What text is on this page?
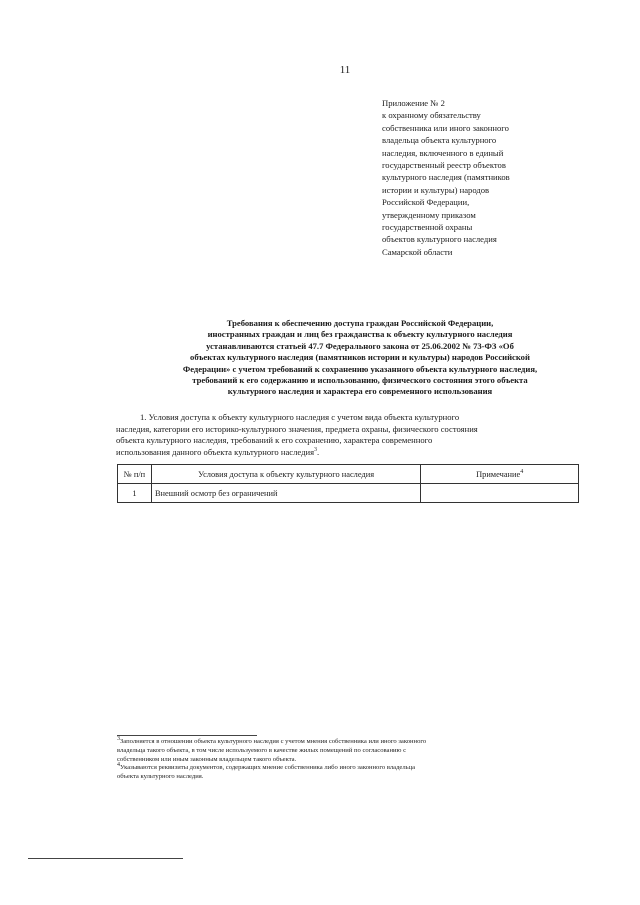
11
Приложение № 2
к охранному обязательству
собственника или иного законного
владельца объекта культурного
наследия, включенного в единый
государственный реестр объектов
культурного наследия (памятников
истории и культуры) народов
Российской Федерации,
утвержденному приказом
государственной охраны
объектов культурного наследия
Самарской области
Требования к обеспечению доступа граждан Российской Федерации,
иностранных граждан и лиц без гражданства к объекту культурного наследия
устанавливаются статьей 47.7 Федерального закона от 25.06.2002 № 73-ФЗ «Об
объектах культурного наследия (памятников истории и культуры) народов Российской
Федерации» с учетом требований к сохранению указанного объекта культурного наследия,
требований к его содержанию и использованию, физического состояния этого объекта
культурного наследия и характера его современного использования
1. Условия доступа к объекту культурного наследия с учетом вида объекта культурного
наследия, категории его историко-культурного значения, предмета охраны, физического состояния
объекта культурного наследия, требований к его сохранению, характера современного
использования данного объекта культурного наследия$^3$.
№ п/п	Условия доступа к объекту культурного наследия	Примечание$^4$
1	Внешний осмотр без ограничений	
$^3$Заполняется в отношении объекта культурного наследия с учетом мнения собственника или иного законного
владельца такого объекта, в том числе используемого в качестве жилых помещений по согласованию с
собственником или иным законным владельцем такого объекта.
$^4$Указываются реквизиты документов, содержащих мнение собственника либо иного законного владельца
объекта культурного наследия.
